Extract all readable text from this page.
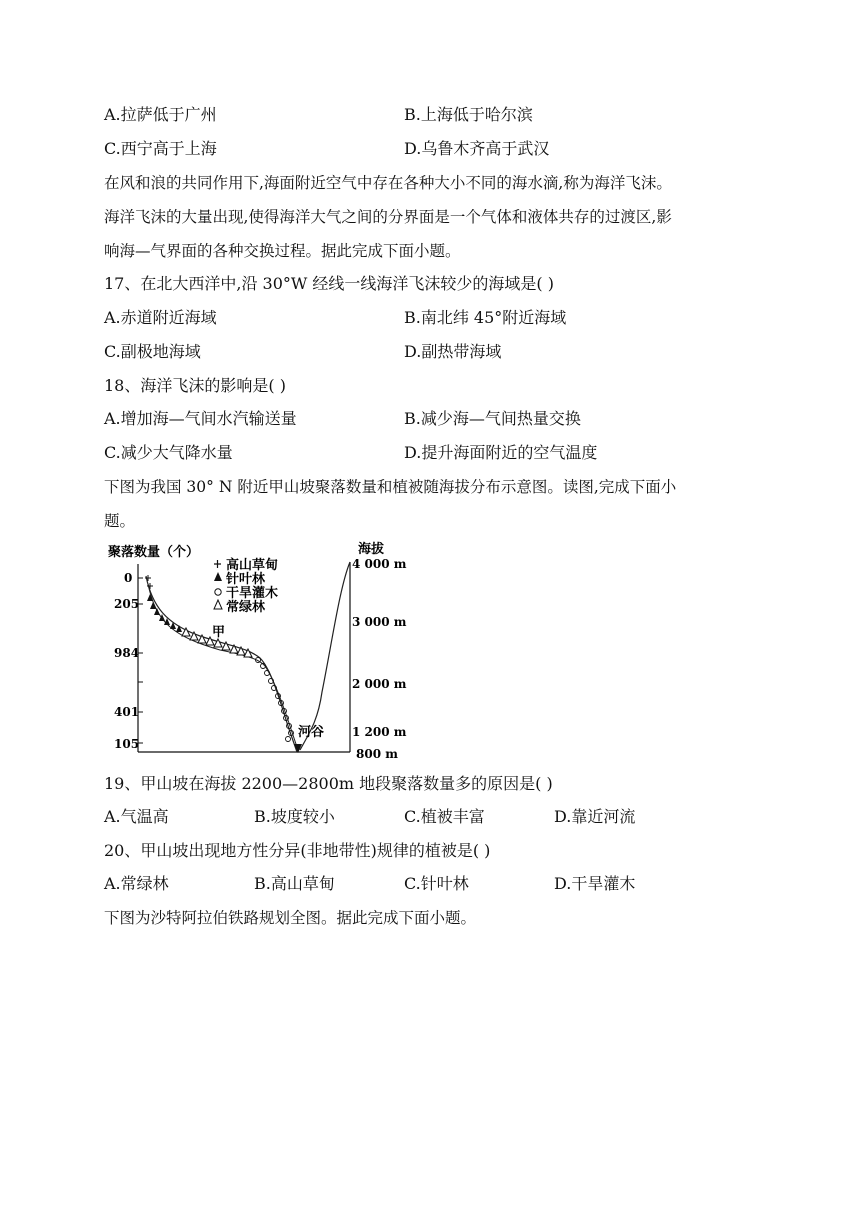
A.拉萨低于广州	B.上海低于哈尔滨
C.西宁高于上海	D.乌鲁木齐高于武汉
在风和浪的共同作用下,海面附近空气中存在各种大小不同的海水滴,称为海洋飞沫。
海洋飞沫的大量出现,使得海洋大气之间的分界面是一个气体和液体共存的过渡区,影
响海—气界面的各种交换过程。据此完成下面小题。
17、在北大西洋中,沿 30°W 经线一线海洋飞沫较少的海域是( )
A.赤道附近海域	B.南北纬 45°附近海域
C.副极地海域	D.副热带海域
18、海洋飞沫的影响是( )
A.增加海—气间水汽输送量	B.减少海—气间热量交换
C.减少大气降水量	D.提升海面附近的空气温度
下图为我国 30° N 附近甲山坡聚落数量和植被随海拔分布示意图。读图,完成下面小
题。
聚落数量（个）	海拔
0
205
984
401
105
4 000 m
3 000 m
2 000 m
1 200 m
800 m
甲
河谷
高山草甸
针叶林
干旱灌木
常绿林
19、甲山坡在海拔 2200—2800m 地段聚落数量多的原因是( )
A.气温高	B.坡度较小	C.植被丰富	D.靠近河流
20、甲山坡出现地方性分异(非地带性)规律的植被是( )
A.常绿林	B.高山草甸	C.针叶林	D.干旱灌木
下图为沙特阿拉伯铁路规划全图。据此完成下面小题。
